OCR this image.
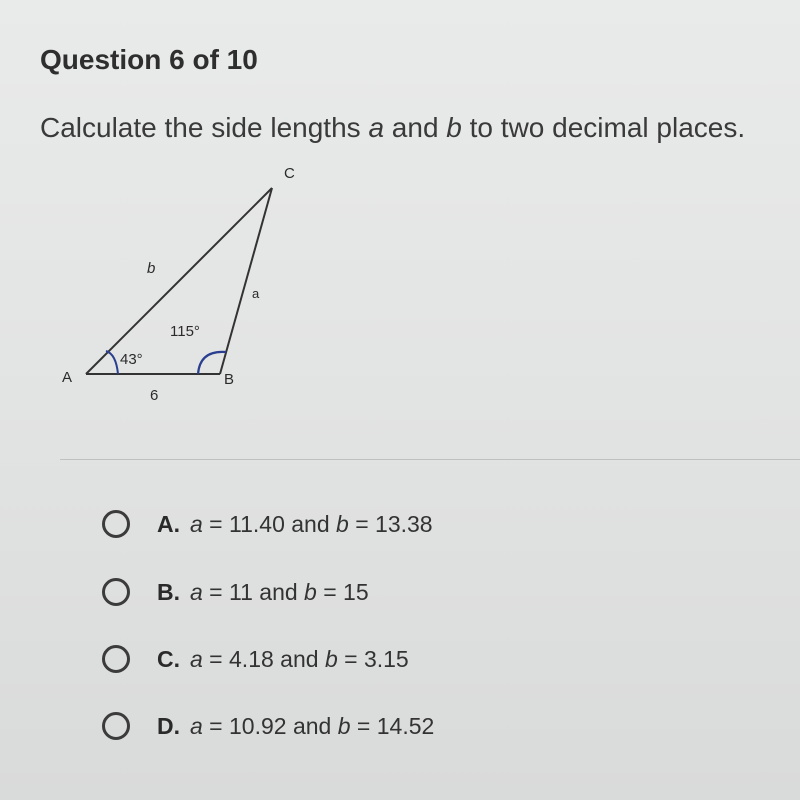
Question 6 of 10
Calculate the side lengths a and b to two decimal places.
C
A	B
b
a
6
43°
115°
A. a = 11.40 and b = 13.38
B. a = 11 and b = 15
C. a = 4.18 and b = 3.15
D. a = 10.92 and b = 14.52
